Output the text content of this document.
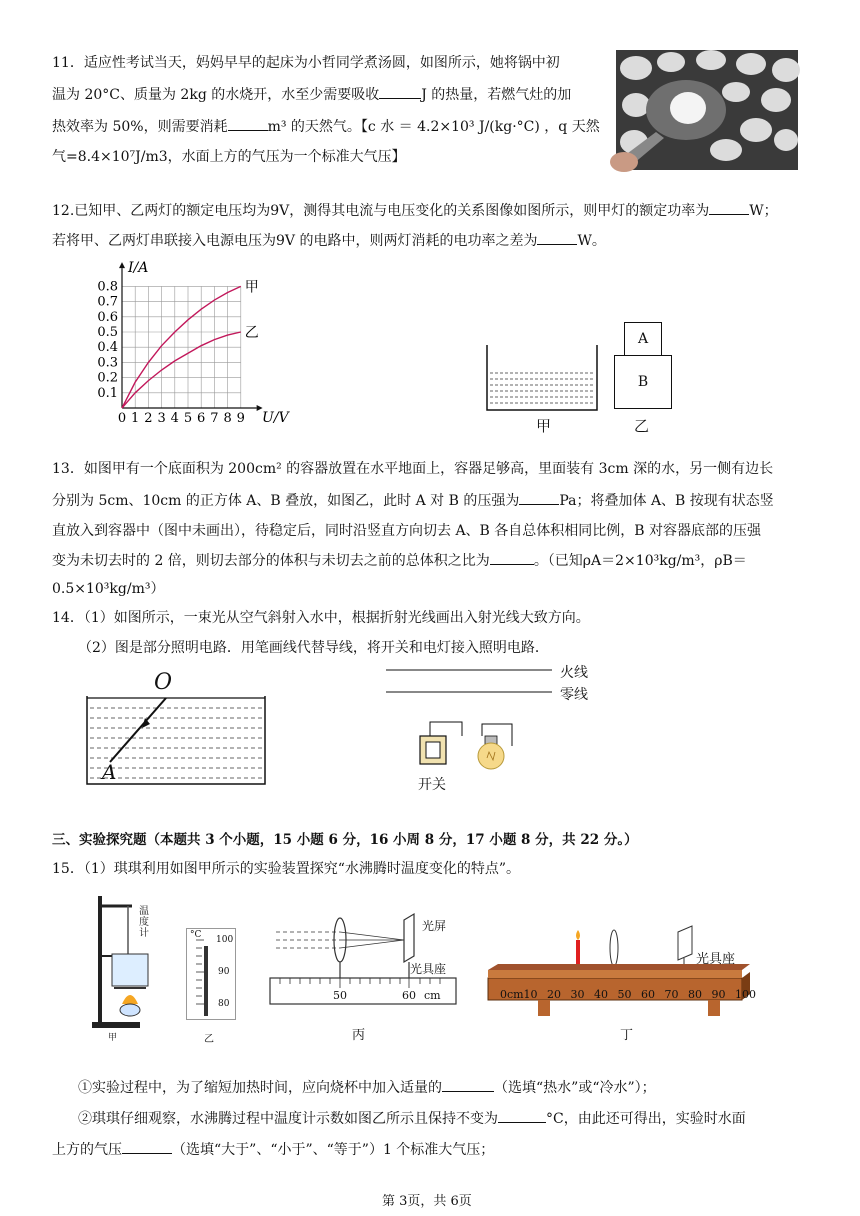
11．适应性考试当天，妈妈早早的起床为小哲同学煮汤圆，如图所示，她将锅中初
温为 20°C、质量为 2kg 的水烧开，水至少需要吸收	J 的热量，若燃气灶的加
热效率为 50%，则需要消耗	m³ 的天然气。【c 水 ＝ 4.2×10³ J/(kg·°C) ，q 天然
气=8.4×10⁷J/m3，水面上方的气压为一个标准大气压】
12.已知甲、乙两灯的额定电压均为9V，测得其电流与电压变化的关系图像如图所示，则甲灯的额定功率为	W；
若将甲、乙两灯串联接入电源电压为9V 的电路中，则两灯消耗的电功率之差为	W。
0 1 2 3 4 5 6 7 8 9
0.1
0.2
0.3
0.4
0.5
0.6
0.7
0.8
U/V
I/A
甲
乙
甲
A
B
乙
13．如图甲有一个底面积为 200cm² 的容器放置在水平地面上，容器足够高，里面装有 3cm 深的水，另一侧有边长
分别为 5cm、10cm 的正方体 A、B 叠放，如图乙，此时 A 对 B 的压强为	Pa；将叠加体 A、B 按现有状态竖
直放入到容器中（图中未画出），待稳定后，同时沿竖直方向切去 A、B 各自总体积相同比例，B 对容器底部的压强
变为未切去时的 2 倍，则切去部分的体积与未切去之前的总体积之比为	。（已知ρA＝2×10³kg/m³，ρB＝
0.5×10³kg/m³）
14．（1）如图所示，一束光从空气斜射入水中，根据折射光线画出入射光线大致方向。
（2）图是部分照明电路．用笔画线代替导线，将开关和电灯接入照明电路．
O
A
火线
零线
开关
三、实验探究题（本题共 3 个小题，15 小题 6 分，16 小周 8 分，17 小题 8 分，共 22 分。）
15．（1）琪琪利用如图甲所示的实验装置探究“水沸腾时温度变化的特点”。
温度计
甲
°C 100
90
80
乙
光屏
光具座
50	60 cm
丙
0cm 10 20 30 40 50 60 70 80 90 100
光具座
丁
①实验过程中，为了缩短加热时间，应向烧杯中加入适量的	（选填“热水”或“冷水”）；
②琪琪仔细观察，水沸腾过程中温度计示数如图乙所示且保持不变为	°C，由此还可得出，实验时水面
上方的气压	（选填“大于”、“小于”、“等于”）1 个标准大气压；
第 3页，共 6页
